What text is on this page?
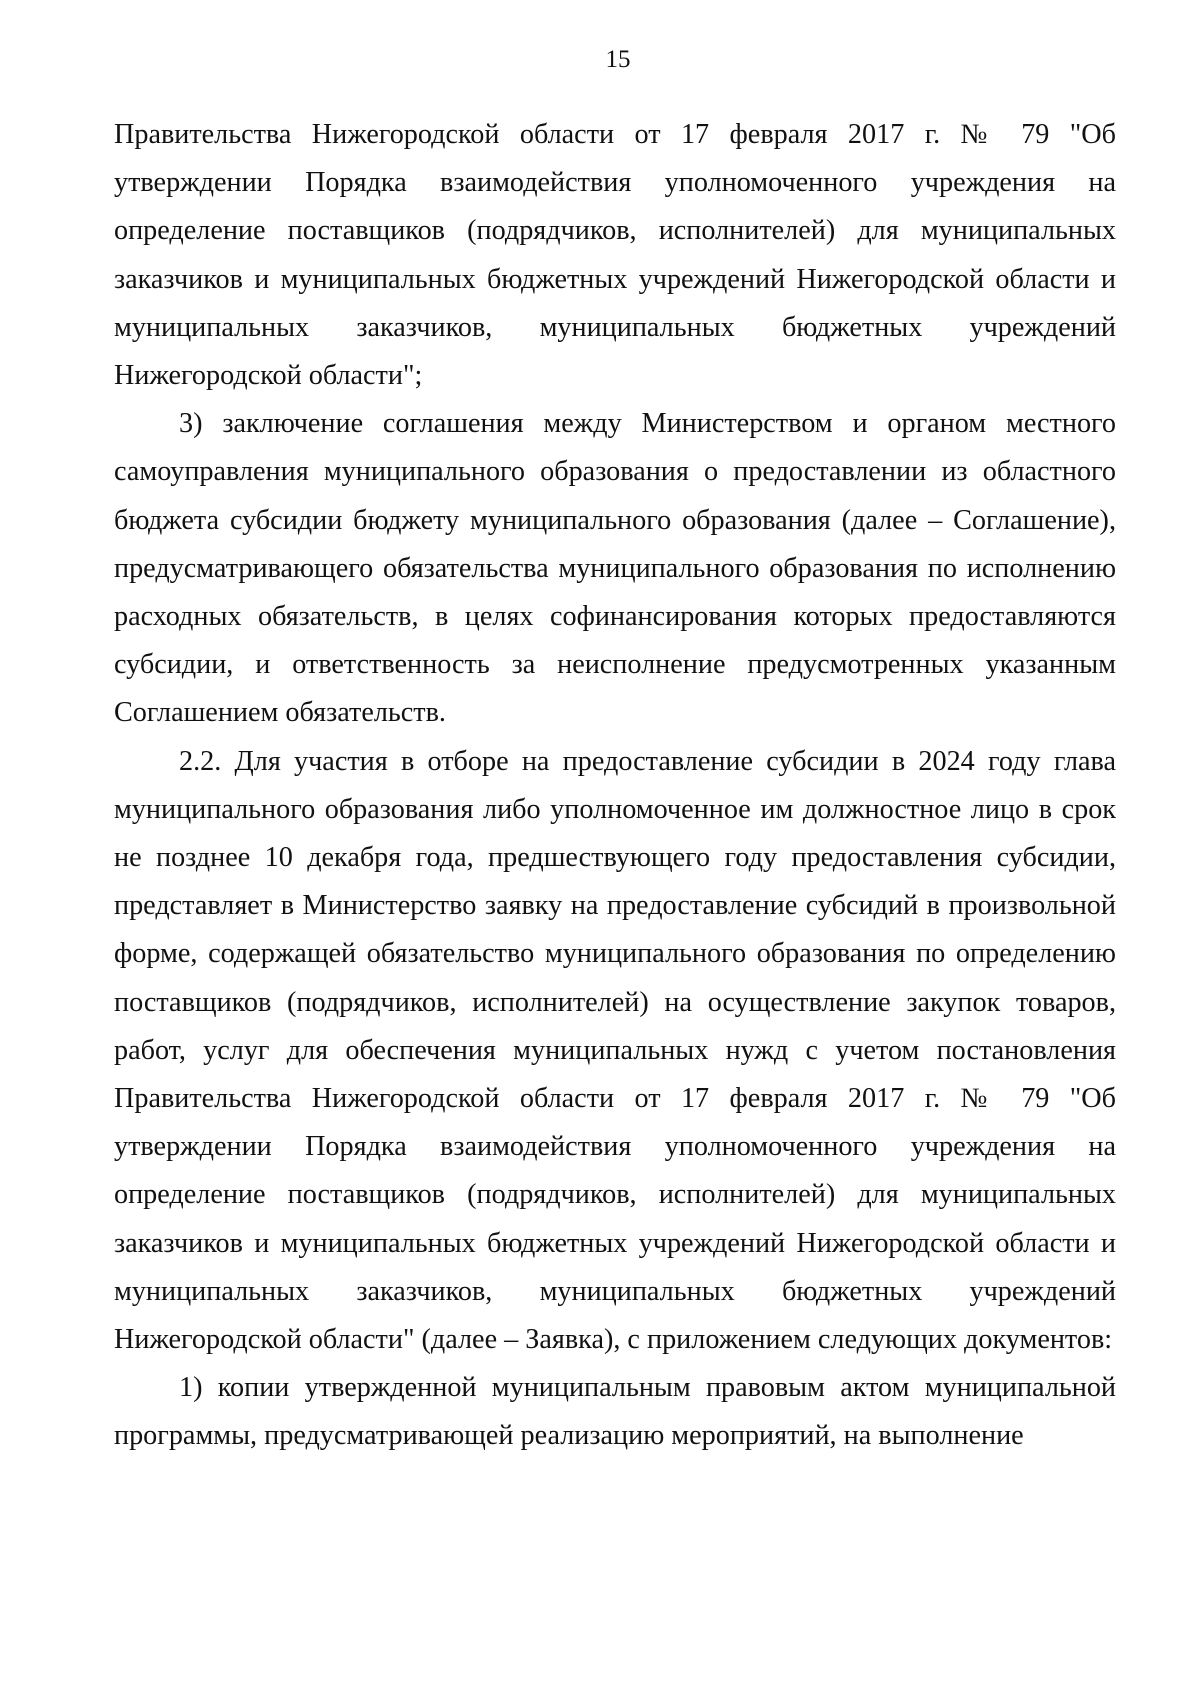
15

Правительства Нижегородской области от 17 февраля 2017 г. № 79 "Об утверждении Порядка взаимодействия уполномоченного учреждения на определение поставщиков (подрядчиков, исполнителей) для муниципальных заказчиков и муниципальных бюджетных учреждений Нижегородской области и муниципальных заказчиков, муниципальных бюджетных учреждений Нижегородской области";

3) заключение соглашения между Министерством и органом местного самоуправления муниципального образования о предоставлении из областного бюджета субсидии бюджету муниципального образования (далее – Соглашение), предусматривающего обязательства муниципального образования по исполнению расходных обязательств, в целях софинансирования которых предоставляются субсидии, и ответственность за неисполнение предусмотренных указанным Соглашением обязательств.

2.2. Для участия в отборе на предоставление субсидии в 2024 году глава муниципального образования либо уполномоченное им должностное лицо в срок не позднее 10 декабря года, предшествующего году предоставления субсидии, представляет в Министерство заявку на предоставление субсидий в произвольной форме, содержащей обязательство муниципального образования по определению поставщиков (подрядчиков, исполнителей) на осуществление закупок товаров, работ, услуг для обеспечения муниципальных нужд с учетом постановления Правительства Нижегородской области от 17 февраля 2017 г. № 79 "Об утверждении Порядка взаимодействия уполномоченного учреждения на определение поставщиков (подрядчиков, исполнителей) для муниципальных заказчиков и муниципальных бюджетных учреждений Нижегородской области и муниципальных заказчиков, муниципальных бюджетных учреждений Нижегородской области" (далее – Заявка), с приложением следующих документов:

1) копии утвержденной муниципальным правовым актом муниципальной программы, предусматривающей реализацию мероприятий, на выполнение
